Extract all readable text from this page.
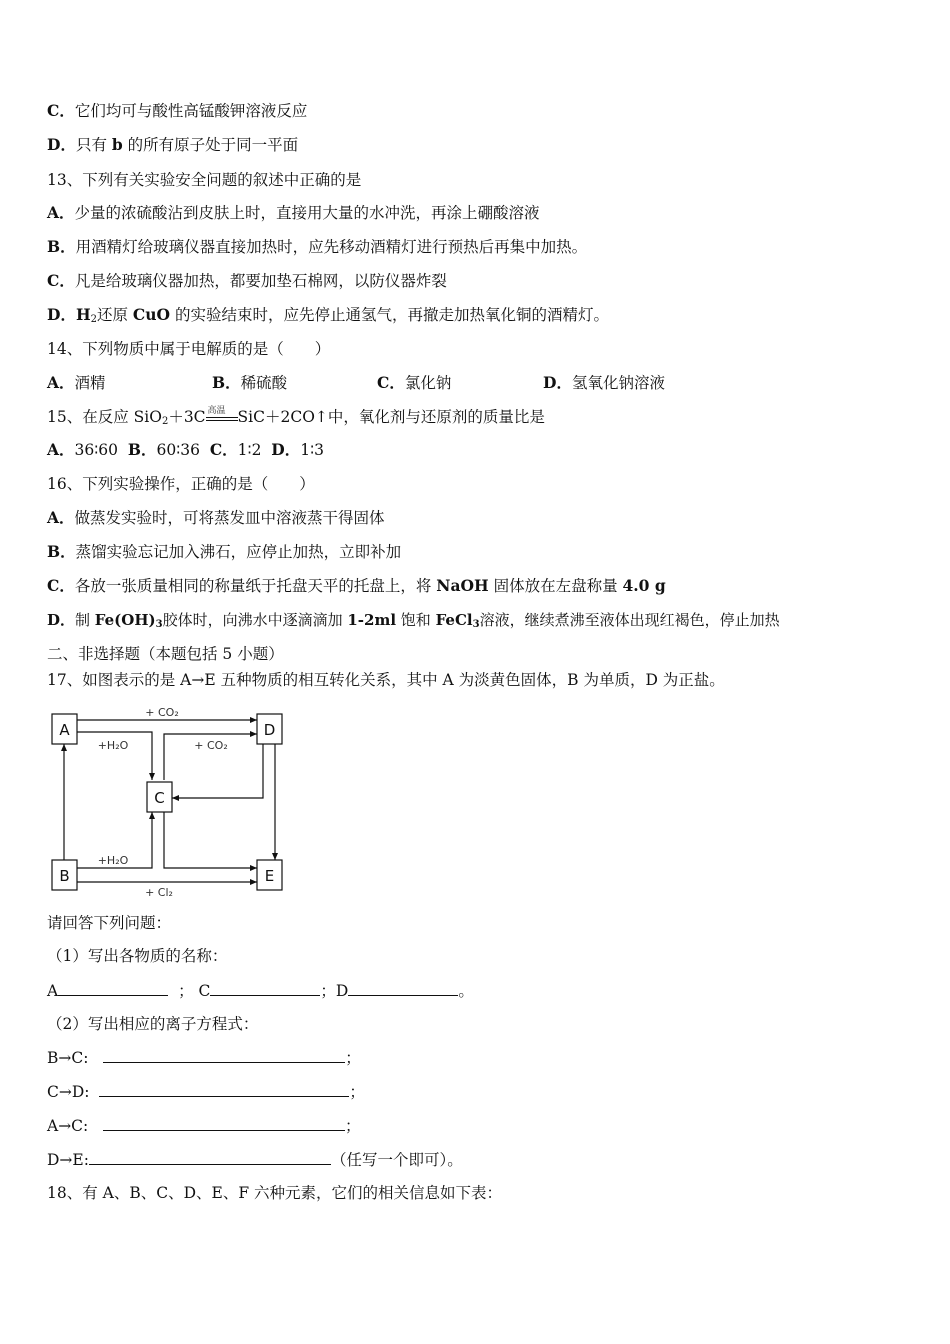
C．它们均可与酸性高锰酸钾溶液反应
D．只有 b 的所有原子处于同一平面
13、下列有关实验安全问题的叙述中正确的是
A．少量的浓硫酸沾到皮肤上时，直接用大量的水冲洗，再涂上硼酸溶液
B．用酒精灯给玻璃仪器直接加热时，应先移动酒精灯进行预热后再集中加热。
C．凡是给玻璃仪器加热，都要加垫石棉网，以防仪器炸裂
D．$H_2$还原 CuO 的实验结束时，应先停止通氢气，再撤走加热氧化铜的酒精灯。
14、下列物质中属于电解质的是（　　）
A．酒精	B．稀硫酸	C．氯化钠	D．氢氧化钠溶液
15、在反应 SiO$_2$＋3C 高温 SiC＋2CO↑中，氧化剂与还原剂的质量比是
A．36∶60 B．60∶36 C．1∶2 D．1∶3
16、下列实验操作，正确的是（　　）
A．做蒸发实验时，可将蒸发皿中溶液蒸干得固体
B．蒸馏实验忘记加入沸石，应停止加热，立即补加
C．各放一张质量相同的称量纸于托盘天平的托盘上，将 NaOH 固体放在左盘称量 4.0 g
D．制 $Fe(OH)_3$胶体时，向沸水中逐滴滴加 1-2ml 饱和 FeCl$_3$溶液，继续煮沸至液体出现红褐色，停止加热
二、非选择题（本题包括 5 小题）
17、如图表示的是 A→E 五种物质的相互转化关系，其中 A 为淡黄色固体，B 为单质，D 为正盐。
A	D
C
B	E
+ CO₂
+H₂O	+ CO₂
+H₂O
+ Cl₂
请回答下列问题：
（1）写出各物质的名称：
A	； C	；D	。
（2）写出相应的离子方程式：
B→C:	；
C→D:	；
A→C:	；
D→E:	（任写一个即可）。
18、有 A、B、C、D、E、F 六种元素，它们的相关信息如下表：
